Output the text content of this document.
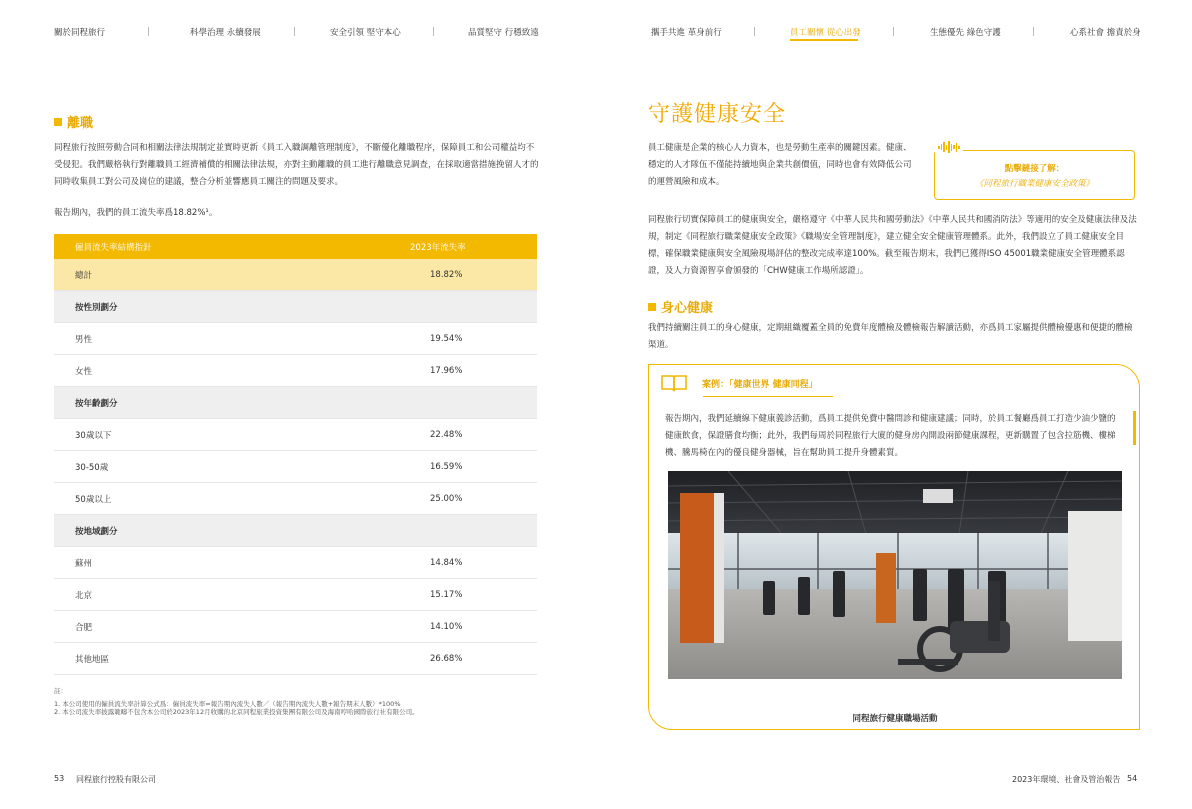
關於同程旅行	科學治理 永續發展	安全引領 堅守本心	品質堅守 行穩致遠	攜手共進 革身前行	員工關懷 從心出發	生態優先 綠色守護	心系社會 擔責於身
離職

同程旅行按照勞動合同和相關法律法規制定並實時更新《員工入職調離管理制度》，不斷優化離職程序，保障員工和公司權益均不受侵犯。我們嚴格執行對離職員工經濟補償的相關法律法規，亦對主動離職的員工進行離職意見調查，在採取適當措施挽留人才的同時收集員工對公司及崗位的建議，整合分析並響應員工關注的問題及要求。

報告期內，我們的員工流失率爲18.82%¹。

僱員流失率結構指針	2023年流失率
總計	18.82%
按性別劃分
男性	19.54%
女性	17.96%
按年齡劃分
30歲以下	22.48%
30-50歲	16.59%
50歲以上	25.00%
按地域劃分
蘇州	14.84%
北京	15.17%
合肥	14.10%
其他地區	26.68%
註：
1. 本公司使用的僱員流失率計算公式爲：僱員流失率=報告期內流失人數／（報告期內流失人數+報告期末人數）*100%
2. 本公司流失率披露範疇不包含本公司於2023年12月收購的北京同程旅業投資集團有限公司及海南哼哈國際旅行社有限公司。
53 同程旅行控股有限公司
守護健康安全

員工健康是企業的核心人力資本，也是勞動生產率的關鍵因素。健康、穩定的人才隊伍不僅能持續地與企業共創價值，同時也會有效降低公司的運營風險和成本。

點擊鏈接了解：
《同程旅行職業健康安全政策》

同程旅行切實保障員工的健康與安全，嚴格遵守《中華人民共和國勞動法》《中華人民共和國消防法》等適用的安全及健康法律及法規，制定《同程旅行職業健康安全政策》《職場安全管理制度》，建立健全安全健康管理體系。此外，我們設立了員工健康安全目標，確保職業健康與安全風險現場評估的整改完成率達100%。截至報告期末，我們已獲得ISO 45001職業健康安全管理體系認證，及人力資源智享會頒發的「CHW健康工作場所認證」。

身心健康

我們持續關注員工的身心健康，定期組織覆蓋全員的免費年度體檢及體檢報告解讀活動，亦爲員工家屬提供體檢優惠和便捷的體檢渠道。

案例：「健康世界 健康同程」

報告期內，我們延續線下健康義診活動，爲員工提供免費中醫問診和健康建議；同時，於員工餐廳爲員工打造少油少鹽的健康飲食，保證膳食均衡；此外，我們每周於同程旅行大廈的健身房內開設兩節健康課程，更新購置了包含拉筋機、樓梯機、騰馬椅在內的優良健身器械，旨在幫助員工提升身體素質。

同程旅行健康職場活動
2023年環境、社會及管治報告 54
